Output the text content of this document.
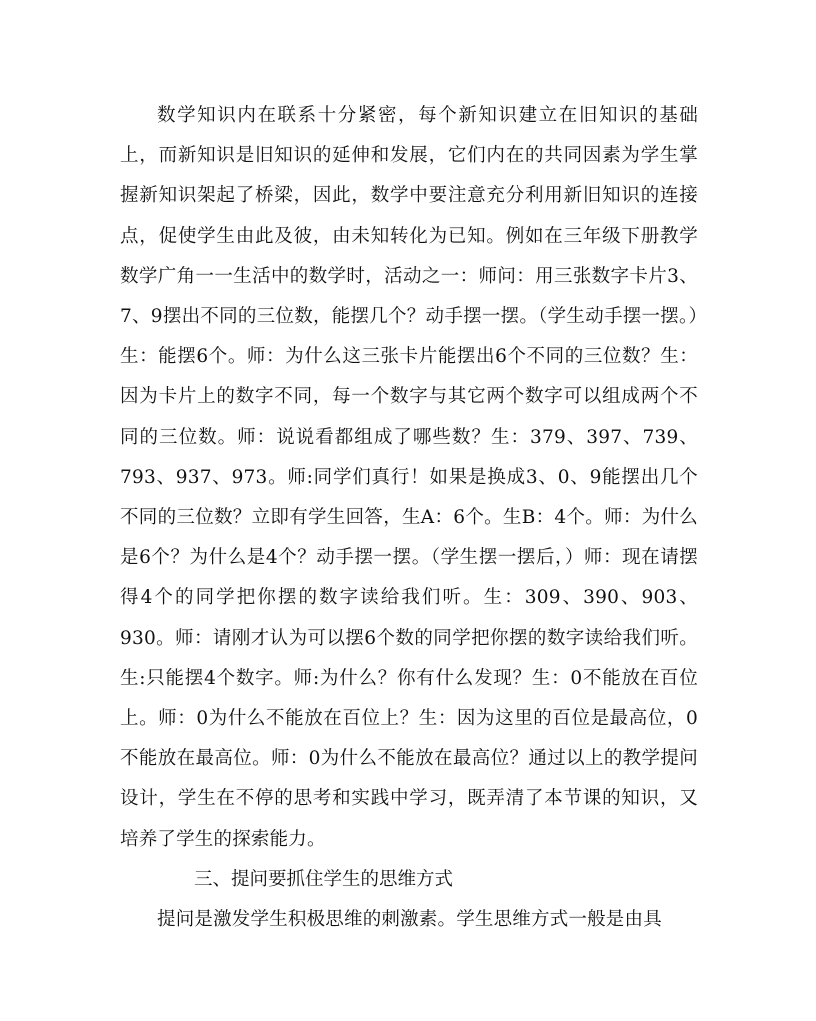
数学知识内在联系十分紧密，每个新知识建立在旧知识的基础上，而新知识是旧知识的延伸和发展，它们内在的共同因素为学生掌握新知识架起了桥梁，因此，数学中要注意充分利用新旧知识的连接点，促使学生由此及彼，由未知转化为已知。例如在三年级下册教学数学广角一一生活中的数学时，活动之一：师问：用三张数字卡片3、7、9摆出不同的三位数，能摆几个？动手摆一摆。（学生动手摆一摆。）生：能摆6个。师：为什么这三张卡片能摆出6个不同的三位数？生：因为卡片上的数字不同，每一个数字与其它两个数字可以组成两个不同的三位数。师：说说看都组成了哪些数？生：379、397、739、793、937、973。师:同学们真行！如果是换成3、0、9能摆出几个不同的三位数？立即有学生回答，生A：6个。生B：4个。师：为什么是6个？为什么是4个？动手摆一摆。（学生摆一摆后，）师：现在请摆得4个的同学把你摆的数字读给我们听。生：309、390、903、930。师：请刚才认为可以摆6个数的同学把你摆的数字读给我们听。生:只能摆4个数字。师:为什么？你有什么发现？生：0不能放在百位上。师：0为什么不能放在百位上？生：因为这里的百位是最高位，0不能放在最高位。师：0为什么不能放在最高位？通过以上的教学提问设计，学生在不停的思考和实践中学习，既弄清了本节课的知识，又培养了学生的探索能力。

三、提问要抓住学生的思维方式

提问是激发学生积极思维的刺激素。学生思维方式一般是由具
